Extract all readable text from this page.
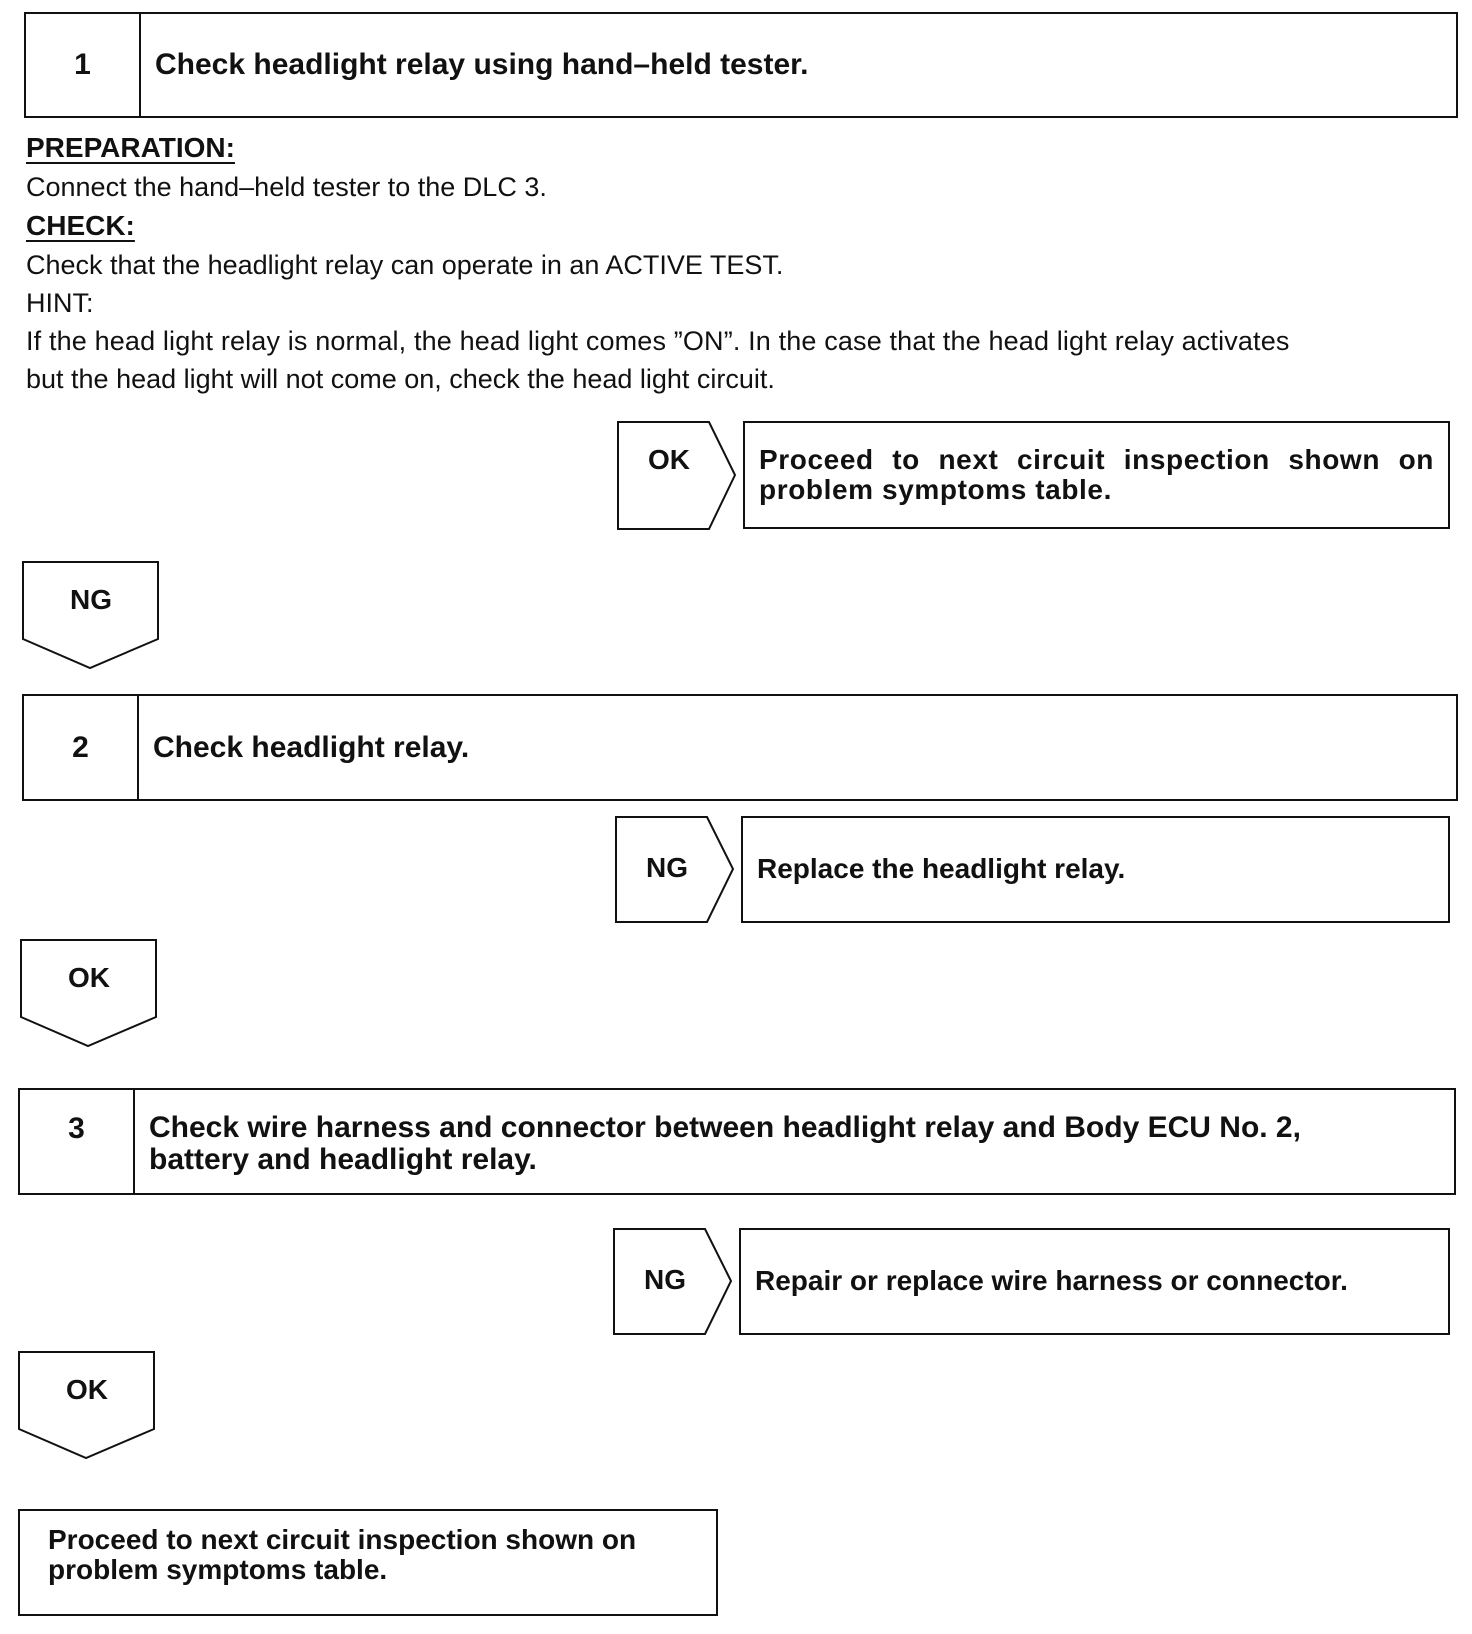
1	Check headlight relay using hand–held tester.
PREPARATION:
Connect the hand–held tester to the DLC 3.
CHECK:
Check that the headlight relay can operate in an ACTIVE TEST.
HINT:
If the head light relay is normal, the head light comes ”ON”. In the case that the head light relay activates
but the head light will not come on, check the head light circuit.
OK	Proceed to next circuit inspection shown on problem symptoms table.
NG
2	Check headlight relay.
NG	Replace the headlight relay.
OK
3	Check wire harness and connector between headlight relay and Body ECU No. 2,
battery and headlight relay.
NG	Repair or replace wire harness or connector.
OK
Proceed to next circuit inspection shown on problem symptoms table.
